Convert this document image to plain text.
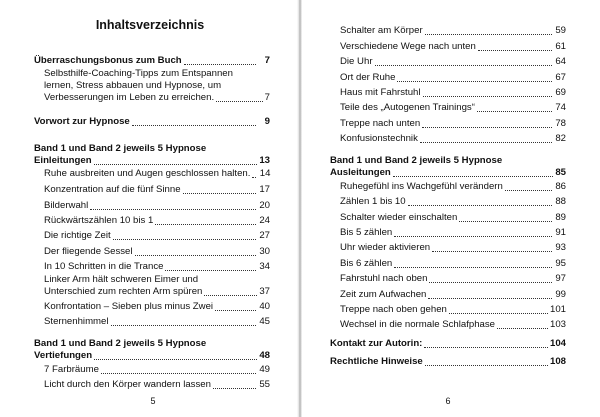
Inhaltsverzeichnis
Überraschungsbonus zum Buch	7
Selbsthilfe-Coaching-Tipps zum Entspannen
lernen, Stress abbauen und Hypnose, um
Verbesserungen im Leben zu erreichen.	7
Vorwort zur Hypnose	9
Band 1 und Band 2 jeweils 5 Hypnose
Einleitungen	13
Ruhe ausbreiten und Augen geschlossen halten. 14
Konzentration auf die fünf Sinne	17
Bilderwahl	20
Rückwärtszählen 10 bis 1	24
Die richtige Zeit	27
Der fliegende Sessel	30
In 10 Schritten in die Trance	34
Linker Arm hält schweren Eimer und
Unterschied zum rechten Arm spüren	37
Konfrontation – Sieben plus minus Zwei	40
Sternenhimmel	45
Band 1 und Band 2 jeweils 5 Hypnose
Vertiefungen	48
7 Farbräume	49
Licht durch den Körper wandern lassen	55
5
Schalter am Körper	59
Verschiedene Wege nach unten	61
Die Uhr	64
Ort der Ruhe	67
Haus mit Fahrstuhl	69
Teile des „Autogenen Trainings“	74
Treppe nach unten	78
Konfusionstechnik	82
Band 1 und Band 2 jeweils 5 Hypnose
Ausleitungen	85
Ruhegefühl ins Wachgefühl verändern	86
Zählen 1 bis 10	88
Schalter wieder einschalten	89
Bis 5 zählen	91
Uhr wieder aktivieren	93
Bis 6 zählen	95
Fahrstuhl nach oben	97
Zeit zum Aufwachen	99
Treppe nach oben gehen	101
Wechsel in die normale Schlafphase	103
Kontakt zur Autorin:	104
Rechtliche Hinweise	108
6
